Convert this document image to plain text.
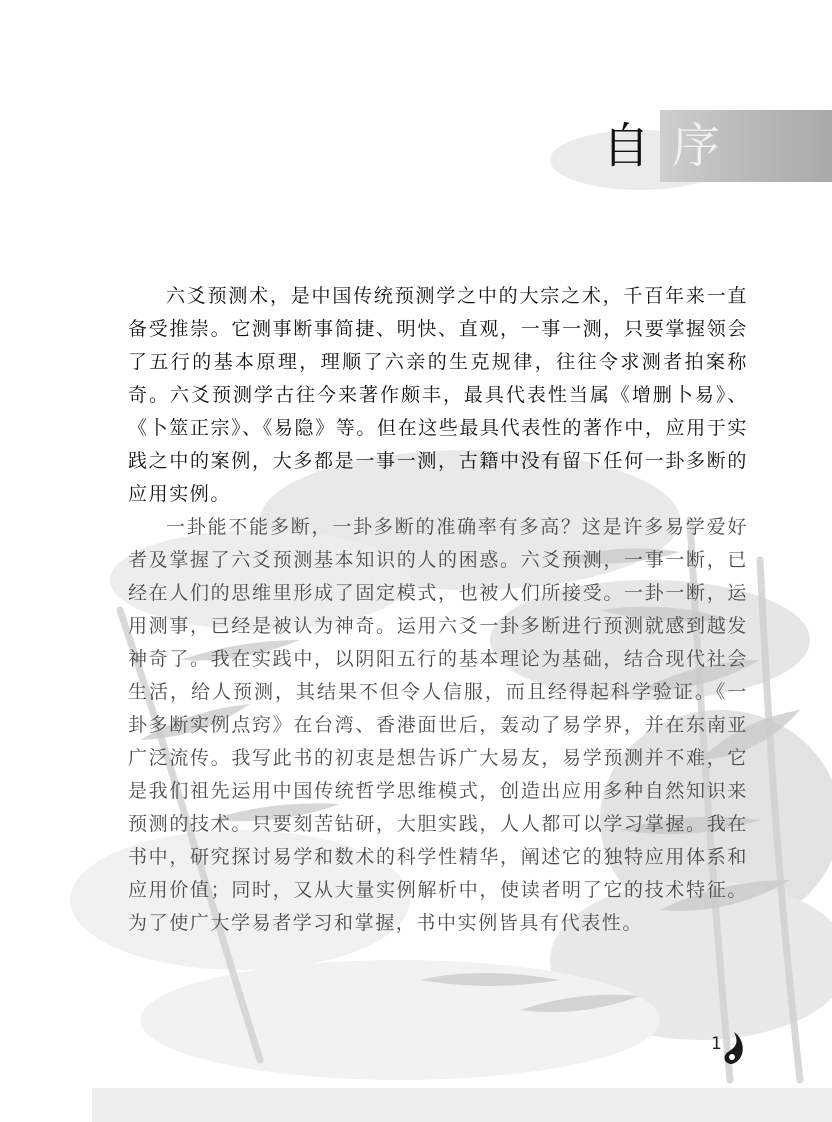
自 序

六爻预测术，是中国传统预测学之中的大宗之术，千百年来一直备受推崇。它测事断事简捷、明快、直观，一事一测，只要掌握领会了五行的基本原理，理顺了六亲的生克规律，往往令求测者拍案称奇。六爻预测学古往今来著作颇丰，最具代表性当属《增删卜易》、《卜筮正宗》、《易隐》等。但在这些最具代表性的著作中，应用于实践之中的案例，大多都是一事一测，古籍中没有留下任何一卦多断的应用实例。

一卦能不能多断，一卦多断的准确率有多高？这是许多易学爱好者及掌握了六爻预测基本知识的人的困惑。六爻预测，一事一断，已经在人们的思维里形成了固定模式，也被人们所接受。一卦一断，运用测事，已经是被认为神奇。运用六爻一卦多断进行预测就感到越发神奇了。我在实践中，以阴阳五行的基本理论为基础，结合现代社会生活，给人预测，其结果不但令人信服，而且经得起科学验证。《一卦多断实例点窍》在台湾、香港面世后，轰动了易学界，并在东南亚广泛流传。我写此书的初衷是想告诉广大易友，易学预测并不难，它是我们祖先运用中国传统哲学思维模式，创造出应用多种自然知识来预测的技术。只要刻苦钻研，大胆实践，人人都可以学习掌握。我在书中，研究探讨易学和数术的科学性精华，阐述它的独特应用体系和应用价值；同时，又从大量实例解析中，使读者明了它的技术特征。为了使广大学易者学习和掌握，书中实例皆具有代表性。

1
